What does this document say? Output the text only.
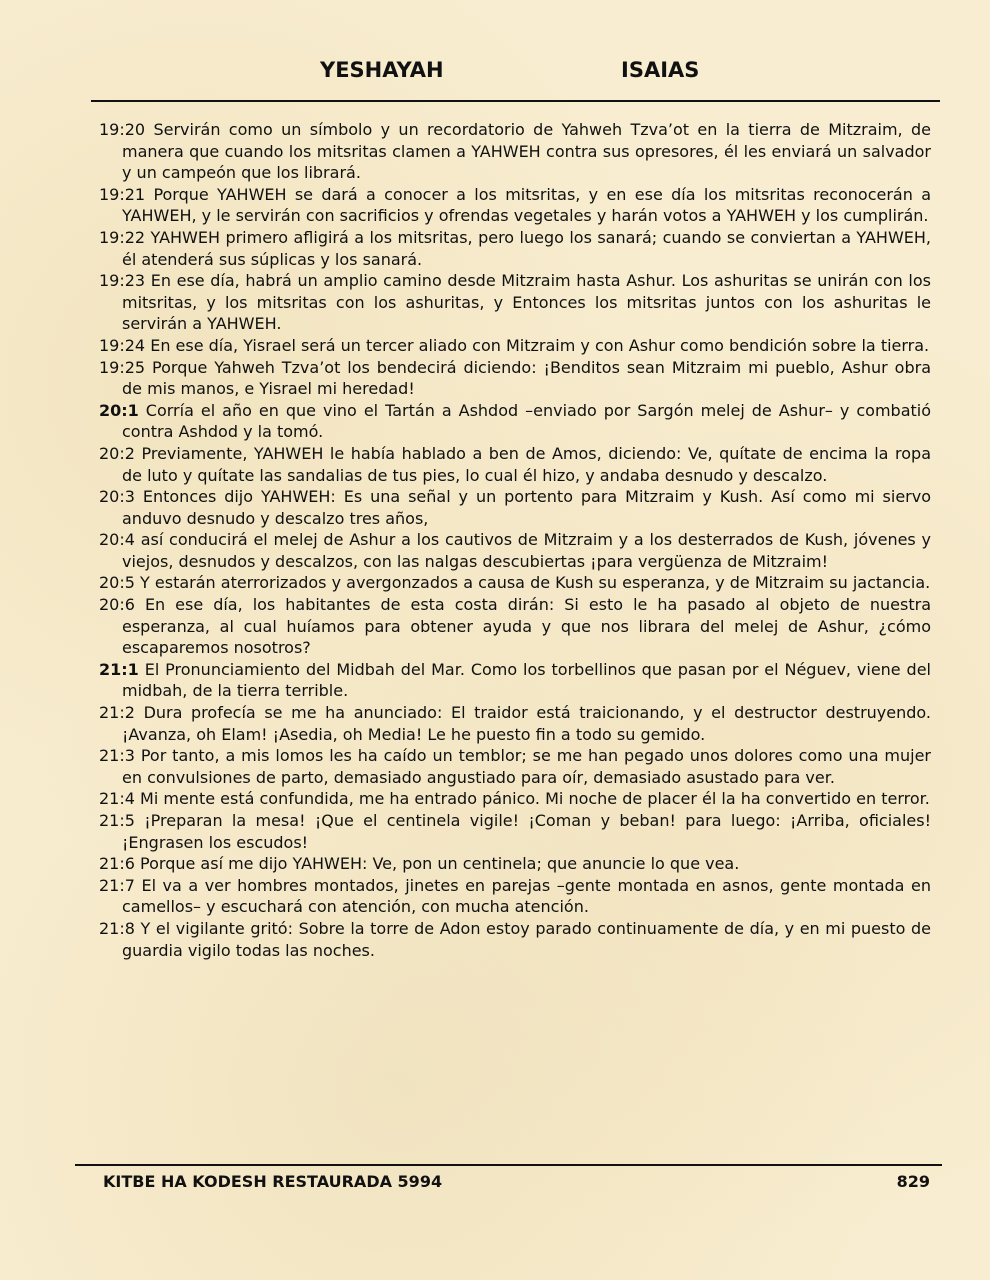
YESHAYAH	ISAIAS

19:20 Servirán como un símbolo y un recordatorio de Yahweh Tzva’ot en la tierra de Mitzraim, de manera que cuando los mitsritas clamen a YAHWEH contra sus opresores, él les enviará un salvador y un campeón que los librará.

19:21 Porque YAHWEH se dará a conocer a los mitsritas, y en ese día los mitsritas reconocerán a YAHWEH, y le servirán con sacrificios y ofrendas vegetales y harán votos a YAHWEH y los cumplirán.

19:22 YAHWEH primero afligirá a los mitsritas, pero luego los sanará; cuando se conviertan a YAHWEH, él atenderá sus súplicas y los sanará.

19:23 En ese día, habrá un amplio camino desde Mitzraim hasta Ashur. Los ashuritas se unirán con los mitsritas, y los mitsritas con los ashuritas, y Entonces los mitsritas juntos con los ashuritas le servirán a YAHWEH.

19:24 En ese día, Yisrael será un tercer aliado con Mitzraim y con Ashur como bendición sobre la tierra.

19:25 Porque Yahweh Tzva’ot los bendecirá diciendo: ¡Benditos sean Mitzraim mi pueblo, Ashur obra de mis manos, e Yisrael mi heredad!

20:1 Corría el año en que vino el Tartán a Ashdod –enviado por Sargón melej de Ashur– y combatió contra Ashdod y la tomó.

20:2 Previamente, YAHWEH le había hablado a ben de Amos, diciendo: Ve, quítate de encima la ropa de luto y quítate las sandalias de tus pies, lo cual él hizo, y andaba desnudo y descalzo.

20:3 Entonces dijo YAHWEH: Es una señal y un portento para Mitzraim y Kush. Así como mi siervo anduvo desnudo y descalzo tres años,

20:4 así conducirá el melej de Ashur a los cautivos de Mitzraim y a los desterrados de Kush, jóvenes y viejos, desnudos y descalzos, con las nalgas descubiertas ¡para vergüenza de Mitzraim!

20:5 Y estarán aterrorizados y avergonzados a causa de Kush su esperanza, y de Mitzraim su jactancia.

20:6 En ese día, los habitantes de esta costa dirán: Si esto le ha pasado al objeto de nuestra esperanza, al cual huíamos para obtener ayuda y que nos librara del melej de Ashur, ¿cómo escaparemos nosotros?

21:1 El Pronunciamiento del Midbah del Mar. Como los torbellinos que pasan por el Néguev, viene del midbah, de la tierra terrible.

21:2 Dura profecía se me ha anunciado: El traidor está traicionando, y el destructor destruyendo. ¡Avanza, oh Elam! ¡Asedia, oh Media! Le he puesto fin a todo su gemido.

21:3 Por tanto, a mis lomos les ha caído un temblor; se me han pegado unos dolores como una mujer en convulsiones de parto, demasiado angustiado para oír, demasiado asustado para ver.

21:4 Mi mente está confundida, me ha entrado pánico. Mi noche de placer él la ha convertido en terror.

21:5 ¡Preparan la mesa! ¡Que el centinela vigile! ¡Coman y beban! para luego: ¡Arriba, oficiales! ¡Engrasen los escudos!

21:6 Porque así me dijo YAHWEH: Ve, pon un centinela; que anuncie lo que vea.

21:7 El va a ver hombres montados, jinetes en parejas –gente montada en asnos, gente montada en camellos– y escuchará con atención, con mucha atención.

21:8 Y el vigilante gritó: Sobre la torre de Adon estoy parado continuamente de día, y en mi puesto de guardia vigilo todas las noches.

KITBE HA KODESH RESTAURADA 5994	829
